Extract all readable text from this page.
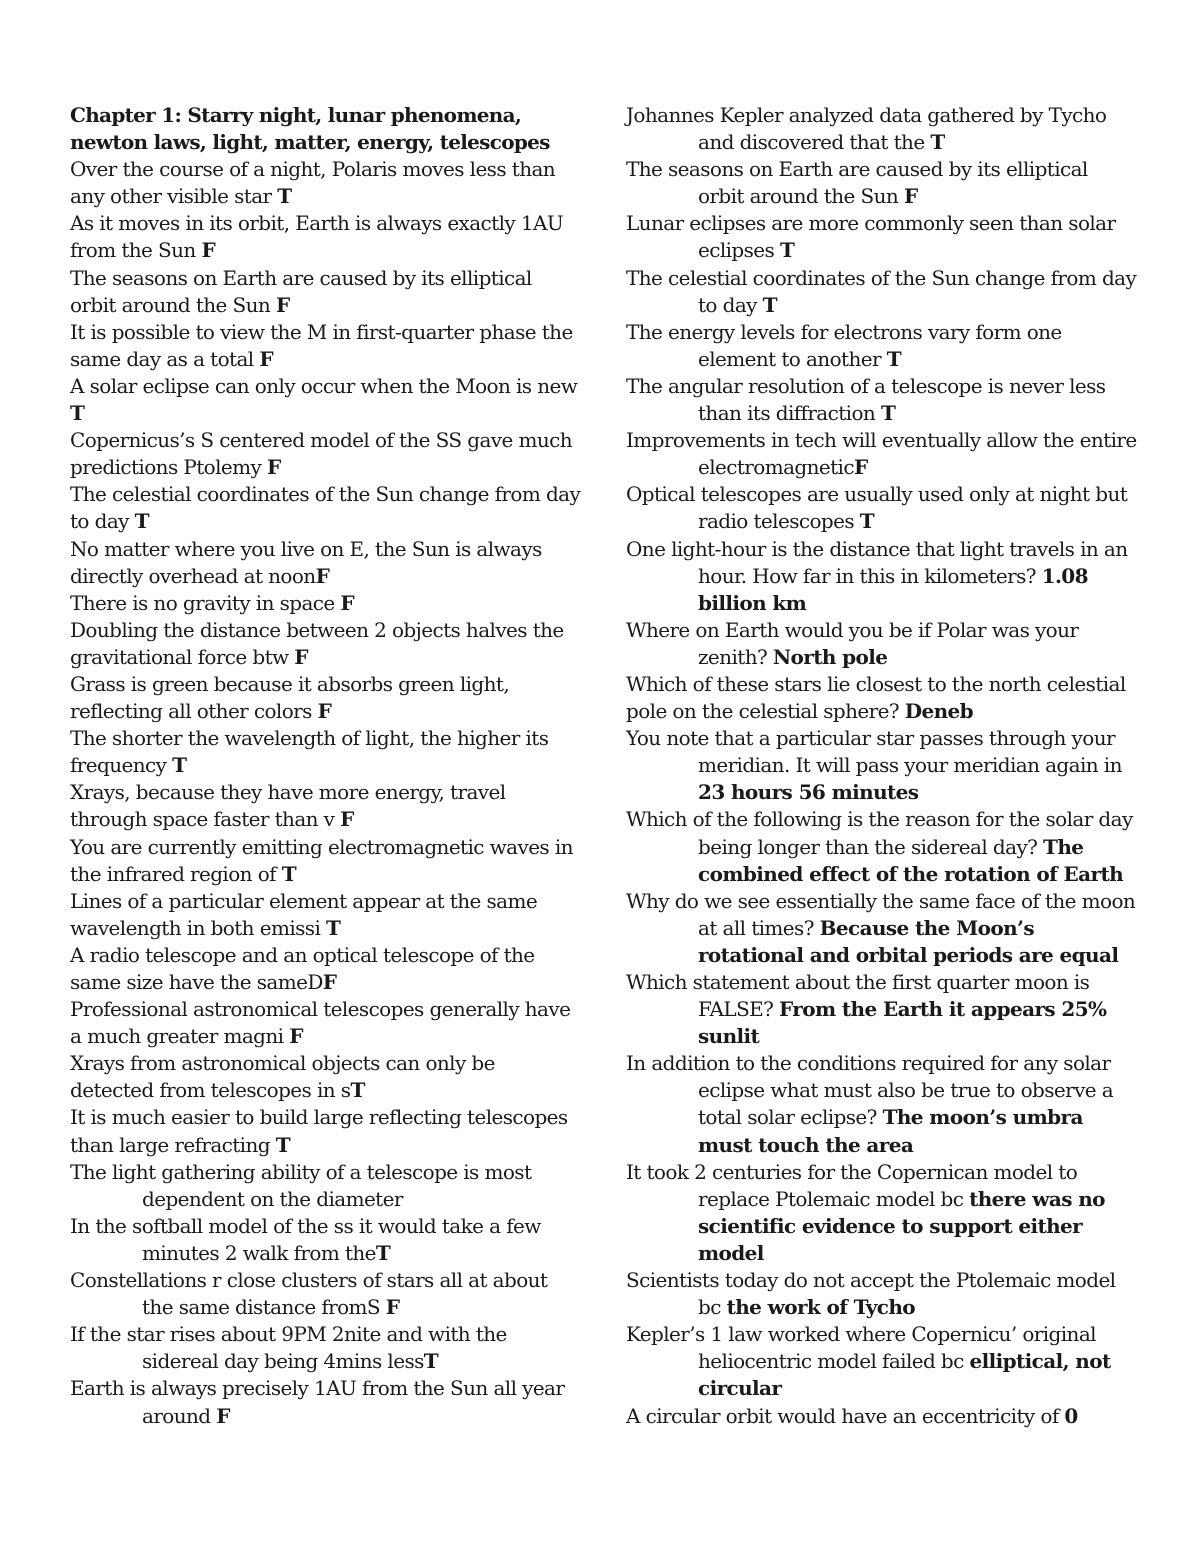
Chapter 1: Starry night, lunar phenomena, newton laws, light, matter, energy, telescopes

Over the course of a night, Polaris moves less than any other visible star T

As it moves in its orbit, Earth is always exactly 1AU from the Sun F

The seasons on Earth are caused by its elliptical orbit around the Sun F

It is possible to view the M in first-quarter phase the same day as a total F

A solar eclipse can only occur when the Moon is new T

Copernicus’s S centered model of the SS gave much predictions Ptolemy F

The celestial coordinates of the Sun change from day to day T

No matter where you live on E, the Sun is always directly overhead at noonF

There is no gravity in space F

Doubling the distance between 2 objects halves the gravitational force btw F

Grass is green because it absorbs green light, reflecting all other colors F

The shorter the wavelength of light, the higher its frequency T

Xrays, because they have more energy, travel through space faster than v F

You are currently emitting electromagnetic waves in the infrared region of T

Lines of a particular element appear at the same wavelength in both emissi T

A radio telescope and an optical telescope of the same size have the sameDF

Professional astronomical telescopes generally have a much greater magni F

Xrays from astronomical objects can only be detected from telescopes in sT

It is much easier to build large reflecting telescopes than large refracting T

The light gathering ability of a telescope is most dependent on the diameter

In the softball model of the ss it would take a few minutes 2 walk from theT

Constellations r close clusters of stars all at about the same distance fromS F

If the star rises about 9PM 2nite and with the sidereal day being 4mins lessT

Earth is always precisely 1AU from the Sun all year around F

Johannes Kepler analyzed data gathered by Tycho and discovered that the T

The seasons on Earth are caused by its elliptical orbit around the Sun F

Lunar eclipses are more commonly seen than solar eclipses T

The celestial coordinates of the Sun change from day to day T

The energy levels for electrons vary form one element to another T

The angular resolution of a telescope is never less than its diffraction T

Improvements in tech will eventually allow the entire electromagneticF

Optical telescopes are usually used only at night but radio telescopes T

One light-hour is the distance that light travels in an hour. How far in this in kilometers? 1.08 billion km

Where on Earth would you be if Polar was your zenith? North pole

Which of these stars lie closest to the north celestial pole on the celestial sphere? Deneb

You note that a particular star passes through your meridian. It will pass your meridian again in 23 hours 56 minutes

Which of the following is the reason for the solar day being longer than the sidereal day? The combined effect of the rotation of Earth

Why do we see essentially the same face of the moon at all times? Because the Moon’s rotational and orbital periods are equal

Which statement about the first quarter moon is FALSE? From the Earth it appears 25% sunlit

In addition to the conditions required for any solar eclipse what must also be true to observe a total solar eclipse? The moon’s umbra must touch the area

It took 2 centuries for the Copernican model to replace Ptolemaic model bc there was no scientific evidence to support either model

Scientists today do not accept the Ptolemaic model bc the work of Tycho

Kepler’s 1 law worked where Copernicu’ original heliocentric model failed bc elliptical, not circular

A circular orbit would have an eccentricity of 0
